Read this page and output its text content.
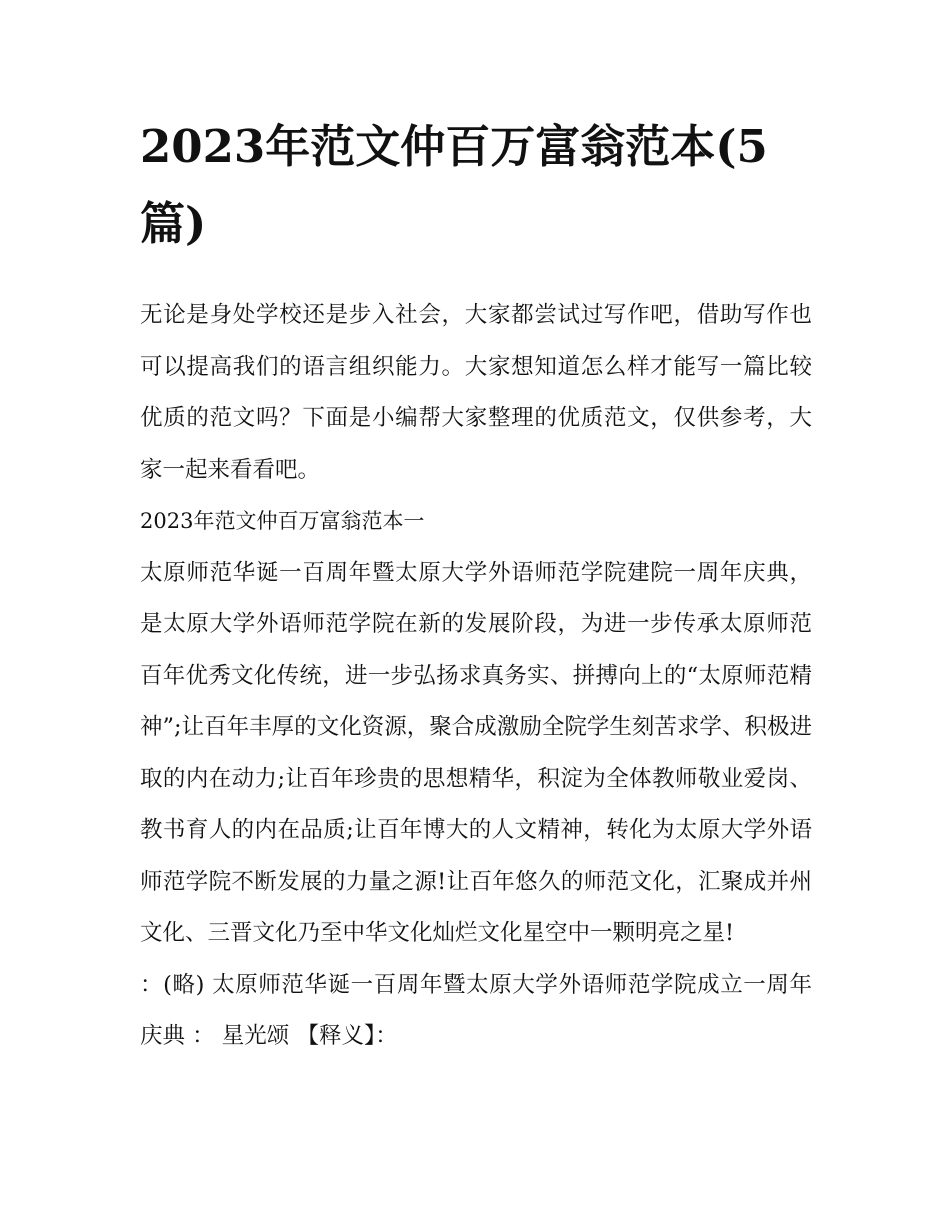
2023年范文仲百万富翁范本(5篇)

无论是身处学校还是步入社会，大家都尝试过写作吧，借助写作也可以提高我们的语言组织能力。大家想知道怎么样才能写一篇比较优质的范文吗？下面是小编帮大家整理的优质范文，仅供参考，大家一起来看看吧。

2023年范文仲百万富翁范本一

太原师范华诞一百周年暨太原大学外语师范学院建院一周年庆典，是太原大学外语师范学院在新的发展阶段，为进一步传承太原师范百年优秀文化传统，进一步弘扬求真务实、拼搏向上的“太原师范精神”;让百年丰厚的文化资源，聚合成激励全院学生刻苦求学、积极进取的内在动力;让百年珍贵的思想精华，积淀为全体教师敬业爱岗、教书育人的内在品质;让百年博大的人文精神，转化为太原大学外语师范学院不断发展的力量之源!让百年悠久的师范文化，汇聚成并州文化、三晋文化乃至中华文化灿烂文化星空中一颗明亮之星!

：(略) 太原师范华诞一百周年暨太原大学外语师范学院成立一周年庆典 ： 星光颂 【释义】：
